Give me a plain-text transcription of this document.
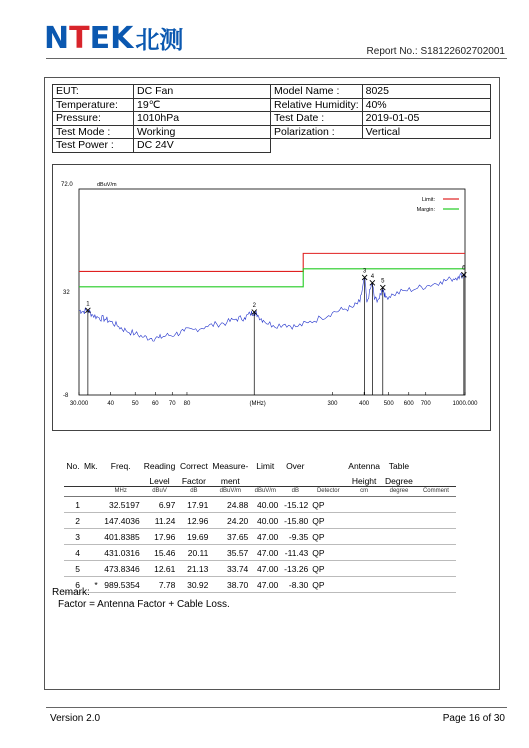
NTEK北测	Report No.: S18122602702001
EUT:	DC Fan	Model Name :	8025
Temperature:	19℃	Relative Humidity:	40%
Pressure:	1010hPa	Test Date :	2019-01-05
Test Mode :	Working	Polarization :	Vertical
Test Power :	DC 24V		
72.0
32
-8
dBuV/m
30.000	40	50 60 70 80	300	400 500 600 700	1000.000
(MHz)
Limit:
Margin:
1	2
3
4
5
6
No.	Mk.	Freq.	Reading	Correct	Measure-	Limit	Over		Antenna	Table	
			Level	Factor	ment				Height	Degree	
		MHz	dBuV	dB	dBuV/m	dBuV/m	dB	Detector	cm	degree	Comment
1		32.5197	6.97	17.91	24.88	40.00	-15.12	QP			
2		147.4036	11.24	12.96	24.20	40.00	-15.80	QP			
3		401.8385	17.96	19.69	37.65	47.00	-9.35	QP			
4		431.0316	15.46	20.11	35.57	47.00	-11.43	QP			
5		473.8346	12.61	21.13	33.74	47.00	-13.26	QP			
6	*	989.5354	7.78	30.92	38.70	47.00	-8.30	QP			
Remark:
Factor = Antenna Factor + Cable Loss.
Version 2.0	Page 16 of 30
